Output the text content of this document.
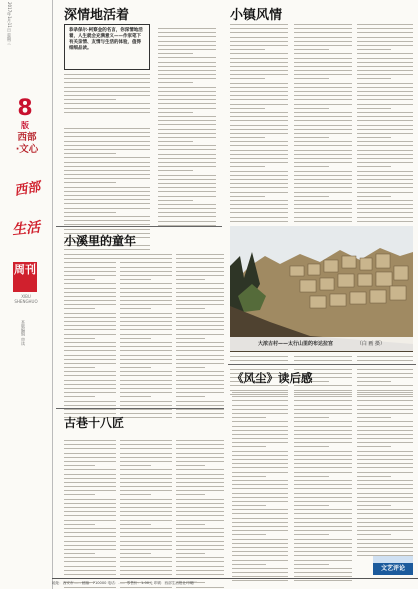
2017年1月11日 星期三
8
版
西部
·文心
西部
生活
周刊
XIBU SHENGHUO
本版编辑 审读
深情地活着
恭录保尔·柯察金的名言，你深情地活着，人生就会充满意义——作家笔下有关亲情、友情与生活的体验，值得细细品读。
小镇风情
小溪里的童年
大浓古村——太行山里的布达拉宫	（白 画 摄）
《风尘》读后感
古巷十八匠
文艺评论
地址：西安市…… 邮编：710000 电话：…… 零售价：1.00元 印刷：西部生活报社印刷厂
